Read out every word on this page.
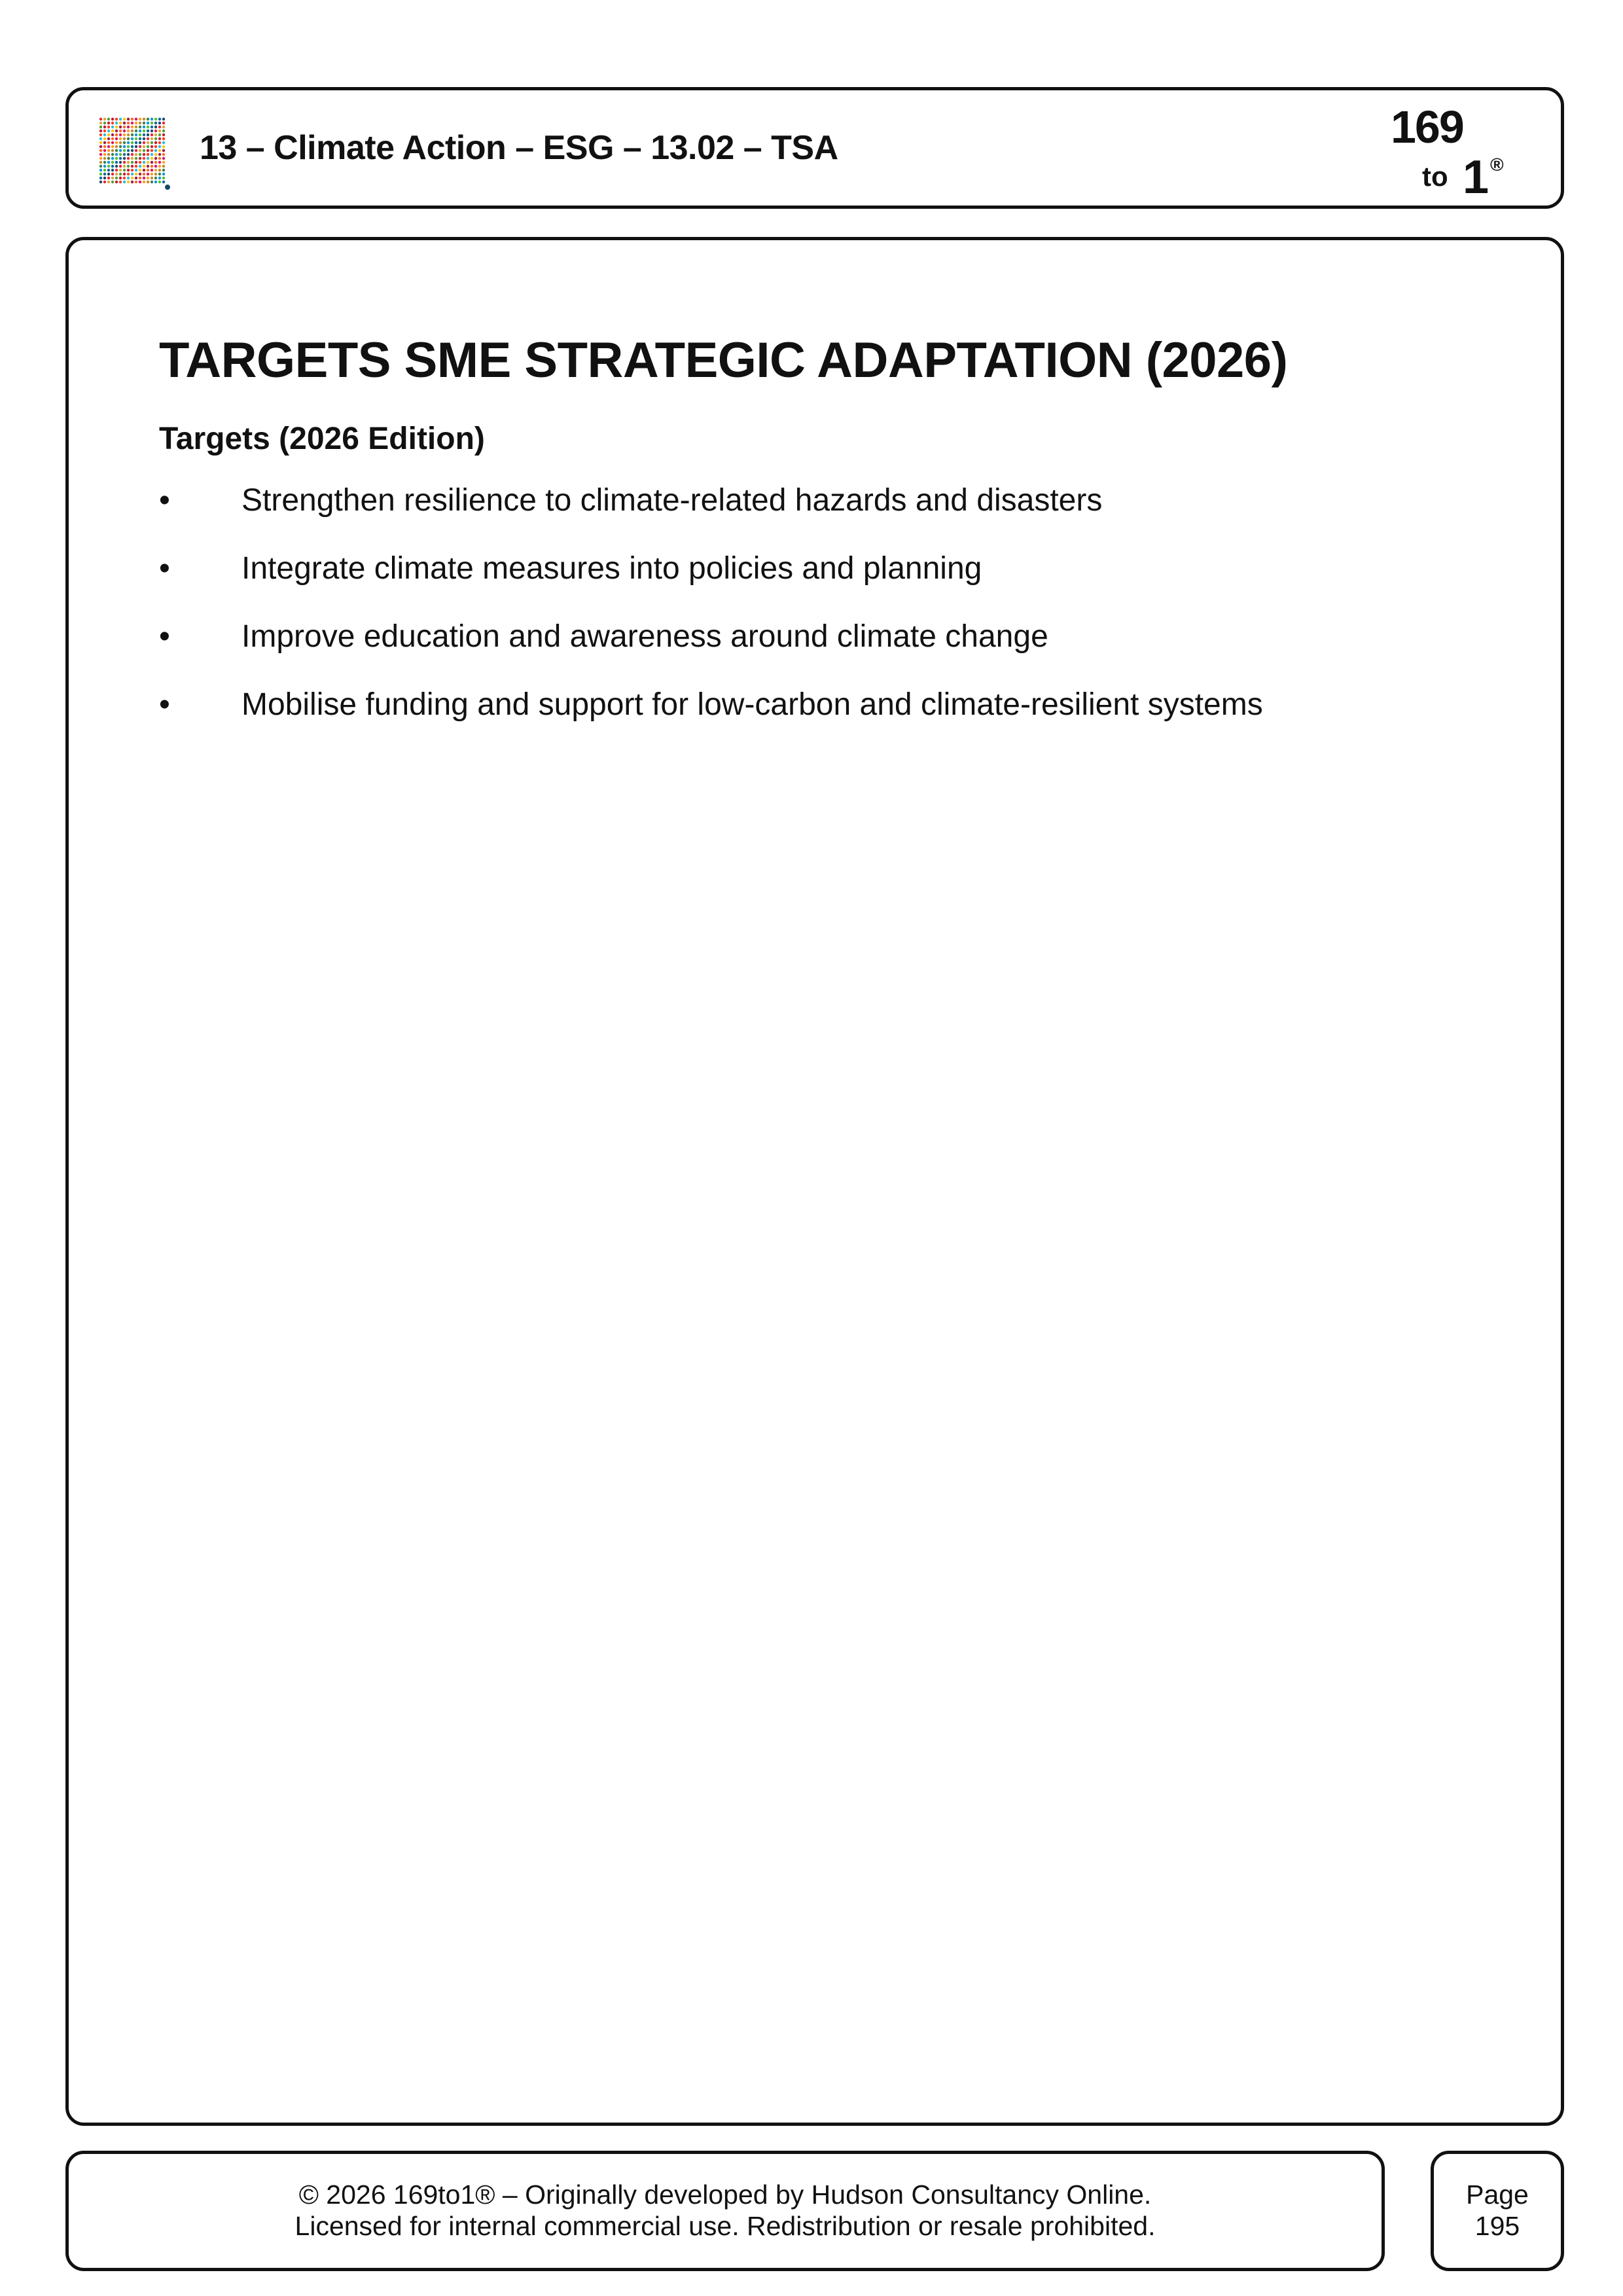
13 – Climate Action – ESG – 13.02 – TSA	169
to 1 ®
TARGETS SME STRATEGIC ADAPTATION (2026)
Targets (2026 Edition)
• Strengthen resilience to climate-related hazards and disasters
• Integrate climate measures into policies and planning
• Improve education and awareness around climate change
• Mobilise funding and support for low-carbon and climate-resilient systems
© 2026 169to1® – Originally developed by Hudson Consultancy Online.
Licensed for internal commercial use. Redistribution or resale prohibited.
Page
195
